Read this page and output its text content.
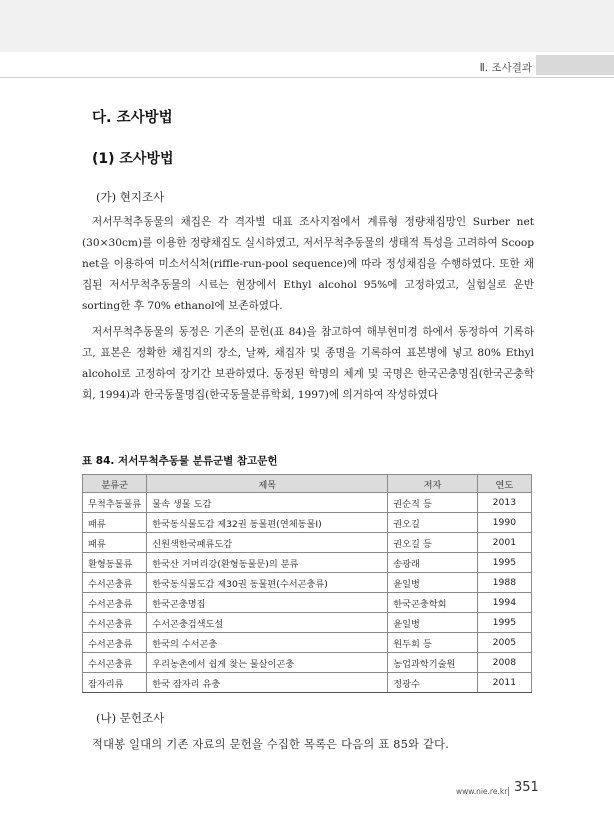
Ⅱ. 조사결과
다. 조사방법
(1) 조사방법
(가) 현지조사

저서무척추동물의 채집은 각 격자별 대표 조사지점에서 계류형 정량채집망인 Surber net (30×30cm)를 이용한 정량채집도 실시하였고, 저서무척추동물의 생태적 특성을 고려하여 Scoop net을 이용하여 미소서식처(riffle-run-pool sequence)에 따라 정성채집을 수행하였다. 또한 채집된 저서무척추동물의 시료는 현장에서 Ethyl alcohol 95%에 고정하였고, 실험실로 운반sorting한 후 70% ethanol에 보존하였다.

저서무척추동물의 동정은 기존의 문헌(표 84)을 참고하여 해부현미경 하에서 동정하여 기록하고, 표본은 정확한 채집지의 장소, 날짜, 채집자 및 종명을 기록하여 표본병에 넣고 80% Ethyl alcohol로 고정하여 장기간 보관하였다. 동정된 학명의 체계 및 국명은 한국곤충명집(한국곤충학회, 1994)과 한국동물명집(한국동물분류학회, 1997)에 의거하여 작성하였다

표 84. 저서무척추동물 분류군별 참고문헌
분류군	제목	저자	연도
무척추동물류	물속 생물 도감	권순직 등	2013
패류	한국동식물도감 제32권 동물편(연체동물Ⅰ)	권오길	1990
패류	신원색한국패류도감	권오길 등	2001
환형동물류	한국산 거머리강(환형동물문)의 분류	송광래	1995
수서곤충류	한국동식물도감 제30권 동물편(수서곤충류)	윤일병	1988
수서곤충류	한국곤충명집	한국곤충학회	1994
수서곤충류	수서곤충검색도설	윤일병	1995
수서곤충류	한국의 수서곤충	원두희 등	2005
수서곤충류	우리농촌에서 쉽게 찾는 물살이곤충	농업과학기술원	2008
잠자리류	한국 잠자리 유충	정광수	2011
(나) 문헌조사
적대봉 일대의 기존 자료의 문헌을 수집한 목록은 다음의 표 85와 같다.
www.nie.re.kr 351
